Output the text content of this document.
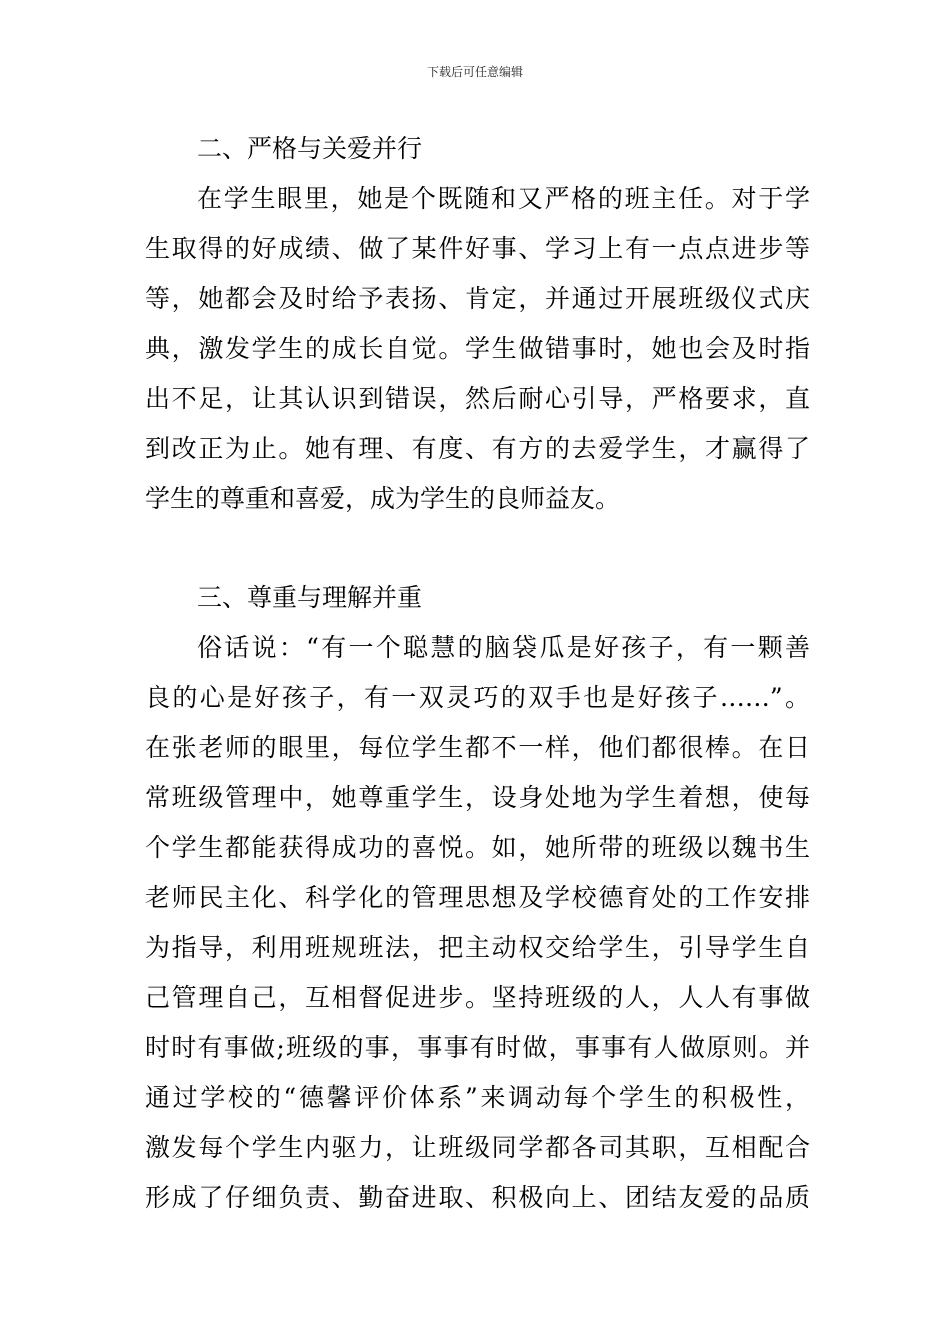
下载后可任意编辑
二、严格与关爱并行
在学生眼里，她是个既随和又严格的班主任。对于学
生取得的好成绩、做了某件好事、学习上有一点点进步等
等，她都会及时给予表扬、肯定，并通过开展班级仪式庆
典，激发学生的成长自觉。学生做错事时，她也会及时指
出不足，让其认识到错误，然后耐心引导，严格要求，直
到改正为止。她有理、有度、有方的去爱学生，才赢得了
学生的尊重和喜爱，成为学生的良师益友。
三、尊重与理解并重
俗话说：“有一个聪慧的脑袋瓜是好孩子，有一颗善
良的心是好孩子，有一双灵巧的双手也是好孩子……”。
在张老师的眼里，每位学生都不一样，他们都很棒。在日
常班级管理中，她尊重学生，设身处地为学生着想，使每
个学生都能获得成功的喜悦。如，她所带的班级以魏书生
老师民主化、科学化的管理思想及学校德育处的工作安排
为指导，利用班规班法，把主动权交给学生，引导学生自
己管理自己，互相督促进步。坚持班级的人，人人有事做
时时有事做;班级的事，事事有时做，事事有人做原则。并
通过学校的“德馨评价体系”来调动每个学生的积极性，
激发每个学生内驱力，让班级同学都各司其职，互相配合
形成了仔细负责、勤奋进取、积极向上、团结友爱的品质
